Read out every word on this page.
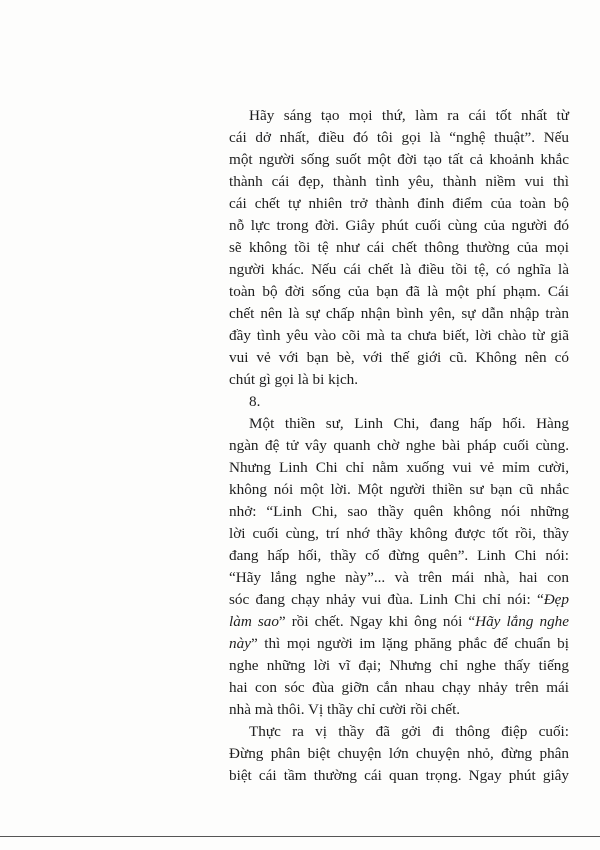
Hãy sáng tạo mọi thứ, làm ra cái tốt nhất từ
cái dở nhất, điều đó tôi gọi là “nghệ thuật”. Nếu
một người sống suốt một đời tạo tất cả khoảnh khắc
thành cái đẹp, thành tình yêu, thành niềm vui thì
cái chết tự nhiên trở thành đỉnh điểm của toàn bộ
nỗ lực trong đời. Giây phút cuối cùng của người đó
sẽ không tồi tệ như cái chết thông thường của mọi
người khác. Nếu cái chết là điều tồi tệ, có nghĩa là
toàn bộ đời sống của bạn đã là một phí phạm. Cái
chết nên là sự chấp nhận bình yên, sự dẫn nhập tràn
đầy tình yêu vào cõi mà ta chưa biết, lời chào từ giã
vui vẻ với bạn bè, với thế giới cũ. Không nên có
chút gì gọi là bi kịch.
8.
Một thiền sư, Linh Chi, đang hấp hối. Hàng
ngàn đệ tử vây quanh chờ nghe bài pháp cuối cùng.
Nhưng Linh Chi chỉ nằm xuống vui vẻ mỉm cười,
không nói một lời. Một người thiền sư bạn cũ nhắc
nhở: “Linh Chi, sao thầy quên không nói những
lời cuối cùng, trí nhớ thầy không được tốt rồi, thầy
đang hấp hối, thầy cố đừng quên”. Linh Chi nói:
“Hãy lắng nghe này”... và trên mái nhà, hai con
sóc đang chạy nhảy vui đùa. Linh Chi chỉ nói: “Đẹp
làm sao” rồi chết. Ngay khi ông nói “Hãy lắng nghe
này” thì mọi người im lặng phăng phắc để chuẩn bị
nghe những lời vĩ đại; Nhưng chỉ nghe thấy tiếng
hai con sóc đùa giỡn cắn nhau chạy nhảy trên mái
nhà mà thôi. Vị thầy chỉ cười rồi chết.
Thực ra vị thầy đã gởi đi thông điệp cuối:
Đừng phân biệt chuyện lớn chuyện nhỏ, đừng phân
biệt cái tầm thường cái quan trọng. Ngay phút giây
